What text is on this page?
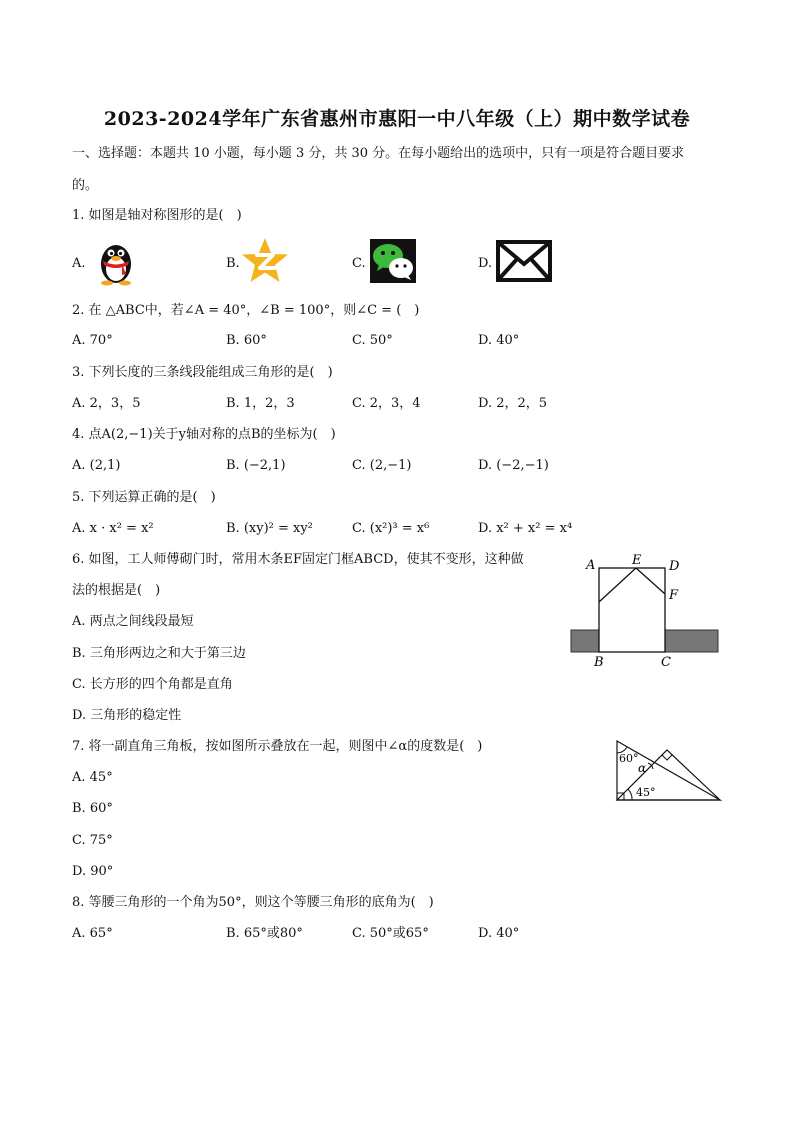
2023-2024学年广东省惠州市惠阳一中八年级（上）期中数学试卷
一、选择题：本题共 10 小题，每小题 3 分，共 30 分。在每小题给出的选项中，只有一项是符合题目要求
的。
1. 如图是轴对称图形的是(　)
A.	B.	C.	D.
2. 在 △ABC中，若∠A = 40°，∠B = 100°，则∠C = (　)
A. 70°	B. 60°	C. 50°	D. 40°
3. 下列长度的三条线段能组成三角形的是(　)
A. 2，3，5	B. 1，2，3	C. 2，3，4	D. 2，2，5
4. 点A(2,−1)关于y轴对称的点B的坐标为(　)
A. (2,1)	B. (−2,1)	C. (2,−1)	D. (−2,−1)
5. 下列运算正确的是(　)
A. x · x² = x²	B. (xy)² = xy²	C. (x²)³ = x⁶	D. x² + x² = x⁴
6. 如图，工人师傅砌门时，常用木条EF固定门框ABCD，使其不变形，这种做
法的根据是(　)
A. 两点之间线段最短
B. 三角形两边之和大于第三边
C. 长方形的四个角都是直角
D. 三角形的稳定性
A	E D
F
B	C
7. 将一副直角三角板，按如图所示叠放在一起，则图中∠α的度数是(　)
A. 45°
B. 60°
C. 75°
D. 90°
60°
α
45°
8. 等腰三角形的一个角为50°，则这个等腰三角形的底角为(　)
A. 65°	B. 65°或80°	C. 50°或65°	D. 40°
